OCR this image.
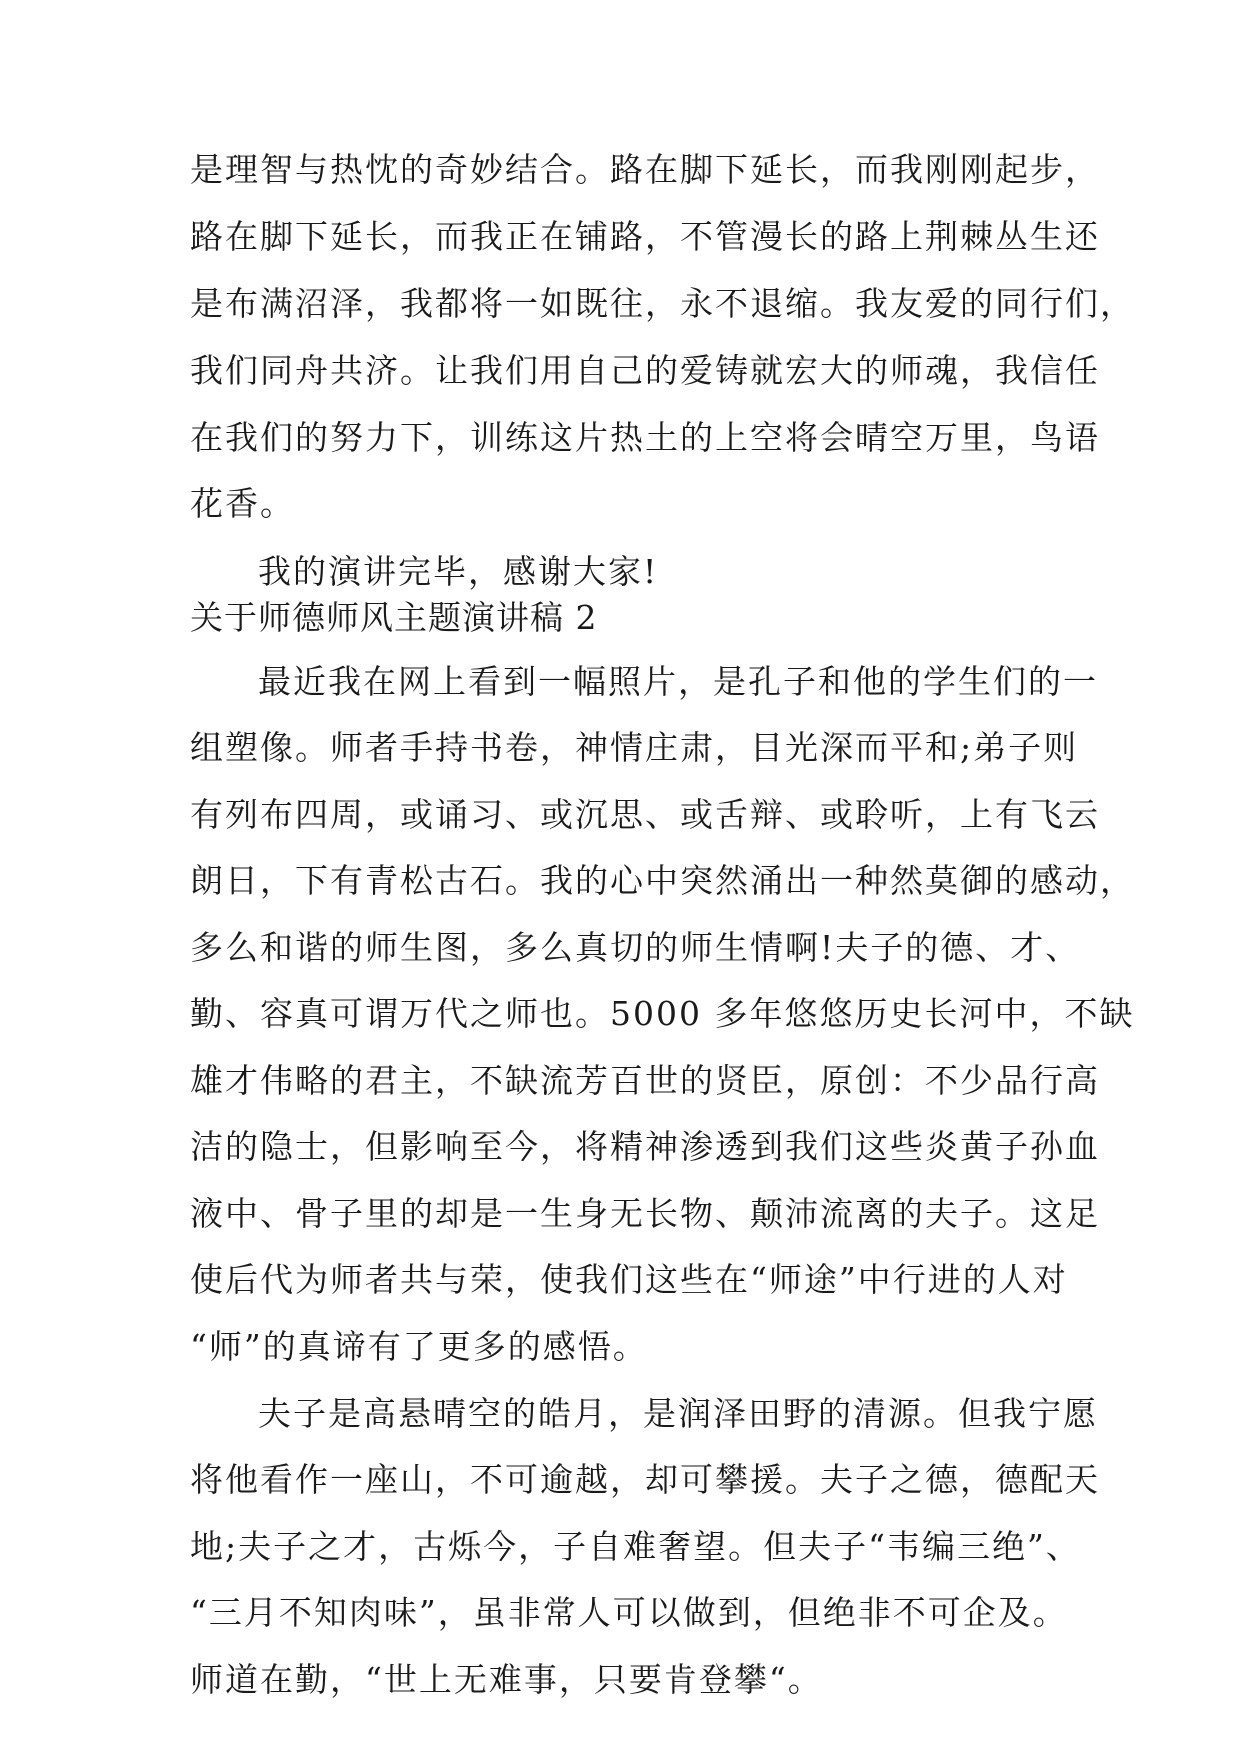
是理智与热忱的奇妙结合。路在脚下延长，而我刚刚起步，
路在脚下延长，而我正在铺路，不管漫长的路上荆棘丛生还
是布满沼泽，我都将一如既往，永不退缩。我友爱的同行们，
我们同舟共济。让我们用自己的爱铸就宏大的师魂，我信任
在我们的努力下，训练这片热土的上空将会晴空万里，鸟语
花香。
我的演讲完毕，感谢大家!
关于师德师风主题演讲稿 2
最近我在网上看到一幅照片，是孔子和他的学生们的一
组塑像。师者手持书卷，神情庄肃，目光深而平和;弟子则
有列布四周，或诵习、或沉思、或舌辩、或聆听，上有飞云
朗日，下有青松古石。我的心中突然涌出一种然莫御的感动，
多么和谐的师生图，多么真切的师生情啊!夫子的德、才、
勤、容真可谓万代之师也。5000 多年悠悠历史长河中，不缺
雄才伟略的君主，不缺流芳百世的贤臣，原创：不少品行高
洁的隐士，但影响至今，将精神渗透到我们这些炎黄子孙血
液中、骨子里的却是一生身无长物、颠沛流离的夫子。这足
使后代为师者共与荣，使我们这些在“师途”中行进的人对
“师”的真谛有了更多的感悟。
夫子是高悬晴空的皓月，是润泽田野的清源。但我宁愿
将他看作一座山，不可逾越，却可攀援。夫子之德，德配天
地;夫子之才，古烁今，子自难奢望。但夫子“韦编三绝”、
“三月不知肉味”，虽非常人可以做到，但绝非不可企及。
师道在勤，“世上无难事，只要肯登攀“。
